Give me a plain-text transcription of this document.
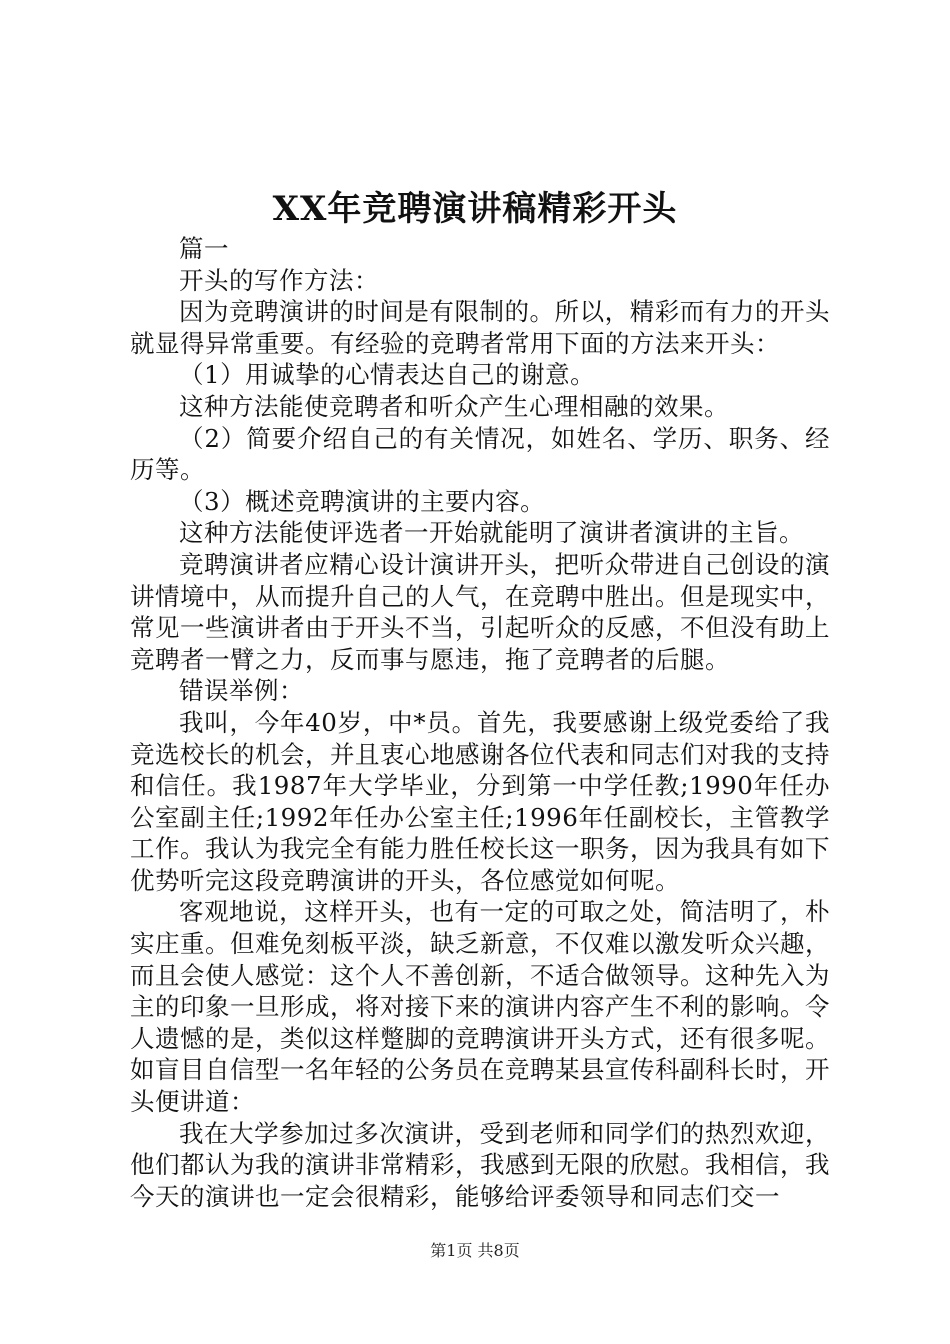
XX年竞聘演讲稿精彩开头

篇一

开头的写作方法：

因为竞聘演讲的时间是有限制的。所以，精彩而有力的开头就显得异常重要。有经验的竞聘者常用下面的方法来开头：

（1）用诚挚的心情表达自己的谢意。

这种方法能使竞聘者和听众产生心理相融的效果。

（2）简要介绍自己的有关情况，如姓名、学历、职务、经历等。

（3）概述竞聘演讲的主要内容。

这种方法能使评选者一开始就能明了演讲者演讲的主旨。

竞聘演讲者应精心设计演讲开头，把听众带进自己创设的演讲情境中，从而提升自己的人气，在竞聘中胜出。但是现实中，常见一些演讲者由于开头不当，引起听众的反感，不但没有助上竞聘者一臂之力，反而事与愿违，拖了竞聘者的后腿。

错误举例：

我叫，今年40岁，中*员。首先，我要感谢上级党委给了我竞选校长的机会，并且衷心地感谢各位代表和同志们对我的支持和信任。我1987年大学毕业，分到第一中学任教;1990年任办公室副主任;1992年任办公室主任;1996年任副校长，主管教学工作。我认为我完全有能力胜任校长这一职务，因为我具有如下优势听完这段竞聘演讲的开头，各位感觉如何呢。

客观地说，这样开头，也有一定的可取之处，简洁明了，朴实庄重。但难免刻板平淡，缺乏新意，不仅难以激发听众兴趣，而且会使人感觉：这个人不善创新，不适合做领导。这种先入为主的印象一旦形成，将对接下来的演讲内容产生不利的影响。令人遗憾的是，类似这样蹩脚的竞聘演讲开头方式，还有很多呢。如盲目自信型一名年轻的公务员在竞聘某县宣传科副科长时，开头便讲道：

我在大学参加过多次演讲，受到老师和同学们的热烈欢迎，他们都认为我的演讲非常精彩，我感到无限的欣慰。我相信，我今天的演讲也一定会很精彩，能够给评委领导和同志们交一

第1页 共8页
